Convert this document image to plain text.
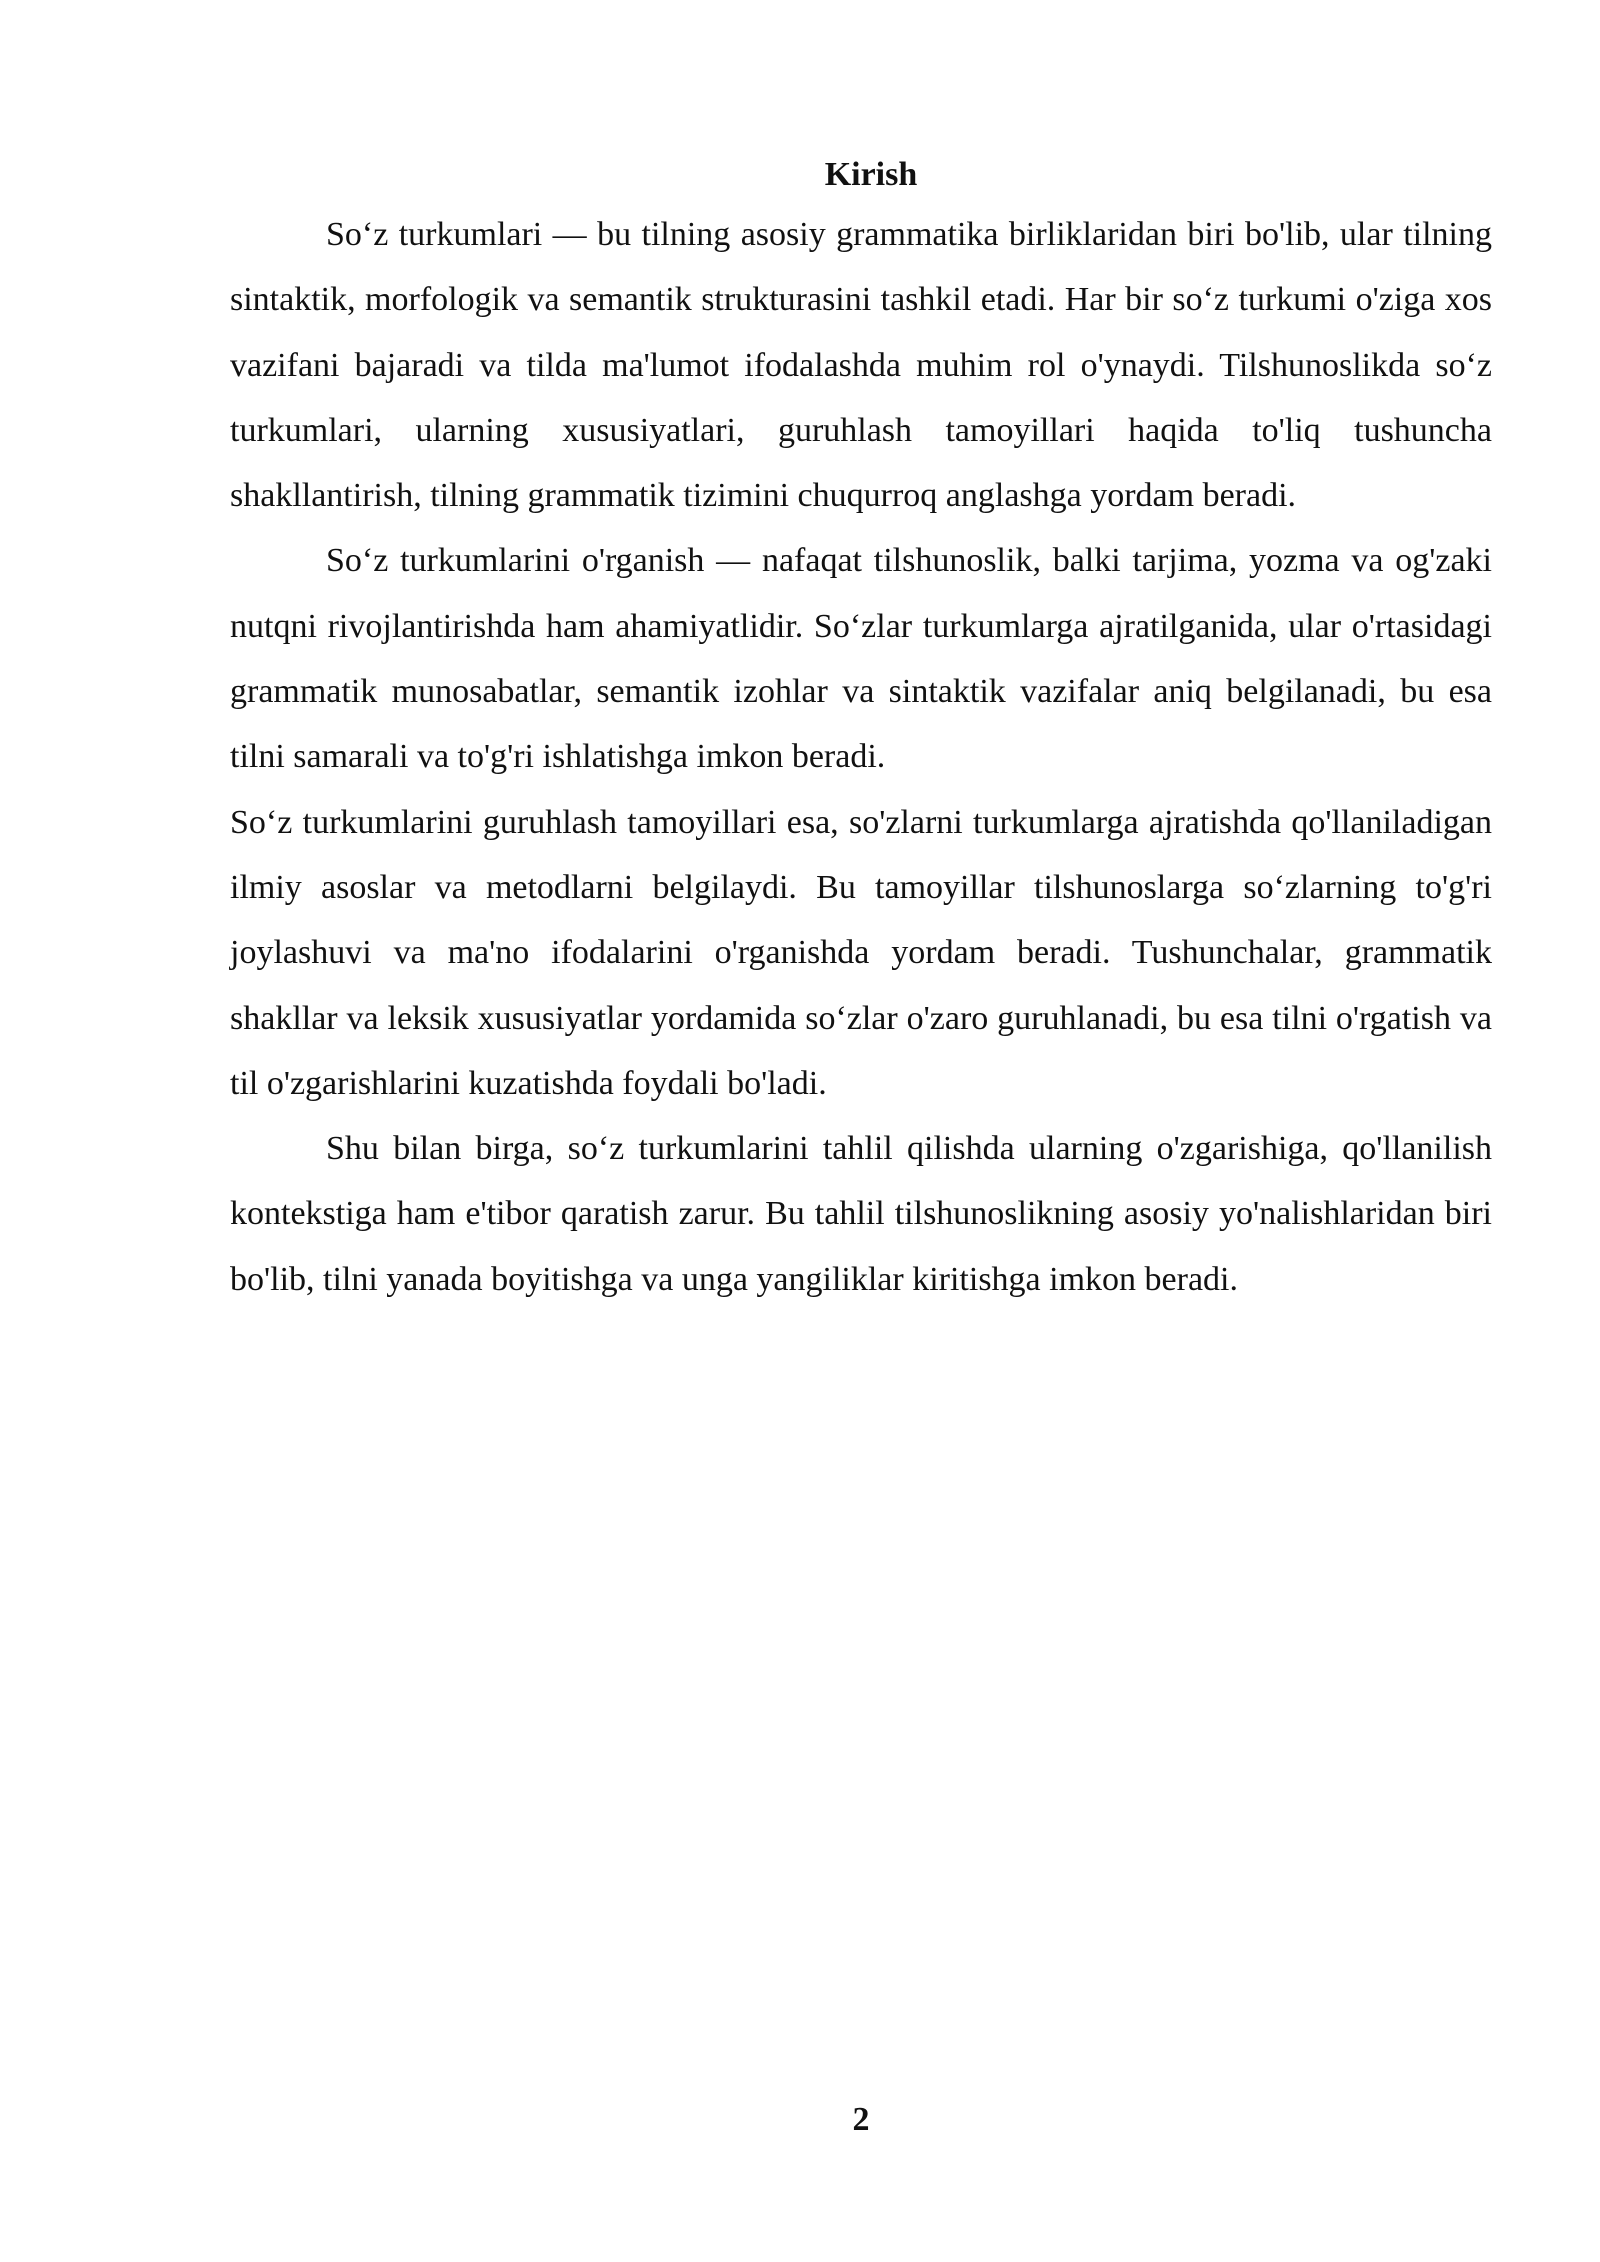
Kirish

So‘z turkumlari — bu tilning asosiy grammatika birliklaridan biri bo'lib, ular tilning sintaktik, morfologik va semantik strukturasini tashkil etadi. Har bir so‘z turkumi o'ziga xos vazifani bajaradi va tilda ma'lumot ifodalashda muhim rol o'ynaydi. Tilshunoslikda so‘z turkumlari, ularning xususiyatlari, guruhlash tamoyillari haqida to'liq tushuncha shakllantirish, tilning grammatik tizimini chuqurroq anglashga yordam beradi.

So‘z turkumlarini o'rganish — nafaqat tilshunoslik, balki tarjima, yozma va og'zaki nutqni rivojlantirishda ham ahamiyatlidir. So‘zlar turkumlarga ajratilganida, ular o'rtasidagi grammatik munosabatlar, semantik izohlar va sintaktik vazifalar aniq belgilanadi, bu esa tilni samarali va to'g'ri ishlatishga imkon beradi.

So‘z turkumlarini guruhlash tamoyillari esa, so'zlarni turkumlarga ajratishda qo'llaniladigan ilmiy asoslar va metodlarni belgilaydi. Bu tamoyillar tilshunoslarga so‘zlarning to'g'ri joylashuvi va ma'no ifodalarini o'rganishda yordam beradi. Tushunchalar, grammatik shakllar va leksik xususiyatlar yordamida so‘zlar o'zaro guruhlanadi, bu esa tilni o'rgatish va til o'zgarishlarini kuzatishda foydali bo'ladi.

Shu bilan birga, so‘z turkumlarini tahlil qilishda ularning o'zgarishiga, qo'llanilish kontekstiga ham e'tibor qaratish zarur. Bu tahlil tilshunoslikning asosiy yo'nalishlaridan biri bo'lib, tilni yanada boyitishga va unga yangiliklar kiritishga imkon beradi.

2
